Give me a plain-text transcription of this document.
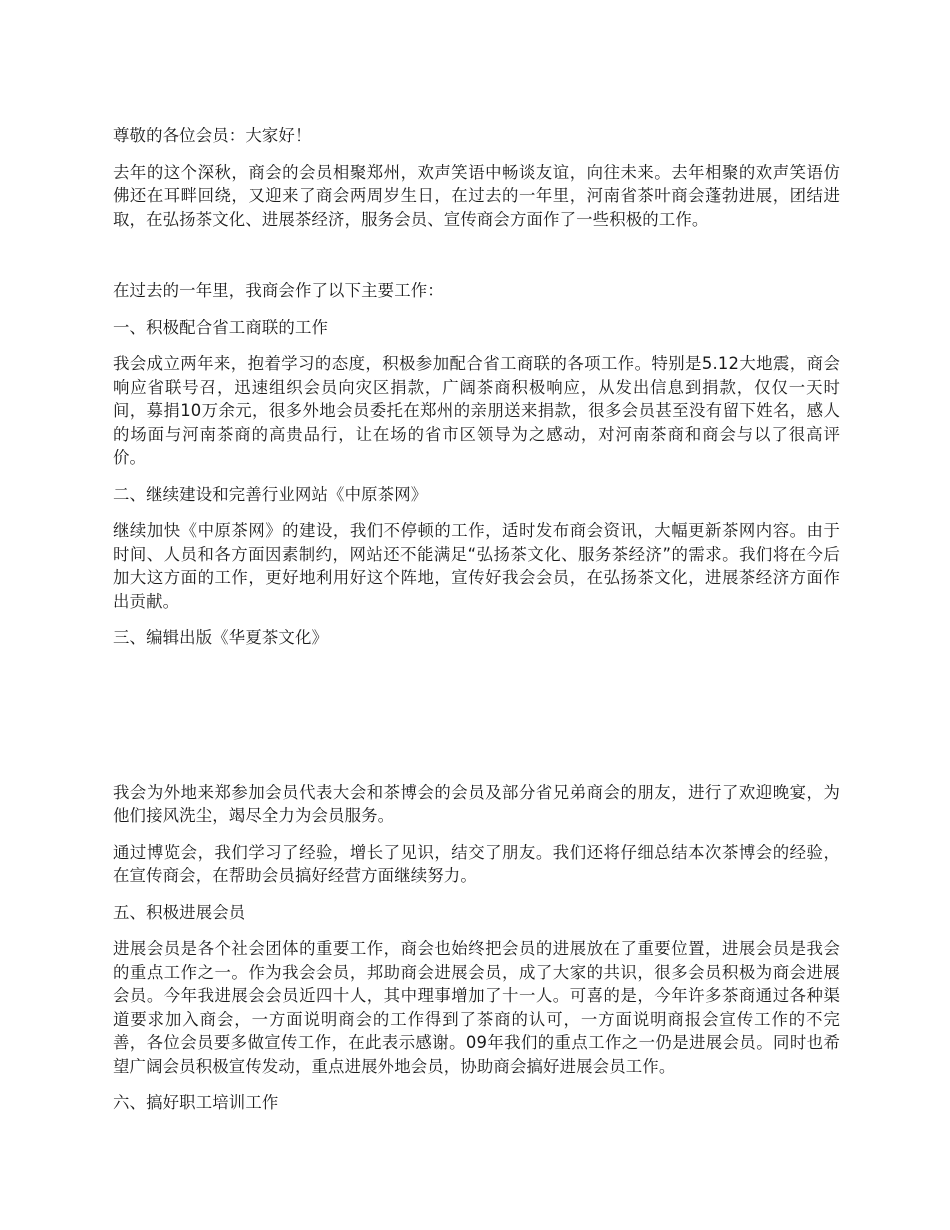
尊敬的各位会员：大家好！

去年的这个深秋，商会的会员相聚郑州，欢声笑语中畅谈友谊，向往未来。去年相聚的欢声笑语仿佛还在耳畔回绕，又迎来了商会两周岁生日，在过去的一年里，河南省茶叶商会蓬勃进展，团结进取，在弘扬茶文化、进展茶经济，服务会员、宣传商会方面作了一些积极的工作。

在过去的一年里，我商会作了以下主要工作：

一、积极配合省工商联的工作

我会成立两年来，抱着学习的态度，积极参加配合省工商联的各项工作。特别是5.12大地震，商会响应省联号召，迅速组织会员向灾区捐款，广阔茶商积极响应，从发出信息到捐款，仅仅一天时间，募捐10万余元，很多外地会员委托在郑州的亲朋送来捐款，很多会员甚至没有留下姓名，感人的场面与河南茶商的高贵品行，让在场的省市区领导为之感动，对河南茶商和商会与以了很高评价。

二、继续建设和完善行业网站《中原茶网》

继续加快《中原茶网》的建设，我们不停顿的工作，适时发布商会资讯，大幅更新茶网内容。由于时间、人员和各方面因素制约，网站还不能满足“弘扬茶文化、服务茶经济”的需求。我们将在今后加大这方面的工作，更好地利用好这个阵地，宣传好我会会员，在弘扬茶文化，进展茶经济方面作出贡献。

三、编辑出版《华夏茶文化》

我会为外地来郑参加会员代表大会和茶博会的会员及部分省兄弟商会的朋友，进行了欢迎晚宴，为他们接风洗尘，竭尽全力为会员服务。

通过博览会，我们学习了经验，增长了见识，结交了朋友。我们还将仔细总结本次茶博会的经验，在宣传商会，在帮助会员搞好经营方面继续努力。

五、积极进展会员

进展会员是各个社会团体的重要工作，商会也始终把会员的进展放在了重要位置，进展会员是我会的重点工作之一。作为我会会员，邦助商会进展会员，成了大家的共识，很多会员积极为商会进展会员。今年我进展会会员近四十人，其中理事增加了十一人。可喜的是，今年许多茶商通过各种渠道要求加入商会，一方面说明商会的工作得到了茶商的认可，一方面说明商报会宣传工作的不完善，各位会员要多做宣传工作，在此表示感谢。09年我们的重点工作之一仍是进展会员。同时也希望广阔会员积极宣传发动，重点进展外地会员，协助商会搞好进展会员工作。

六、搞好职工培训工作
